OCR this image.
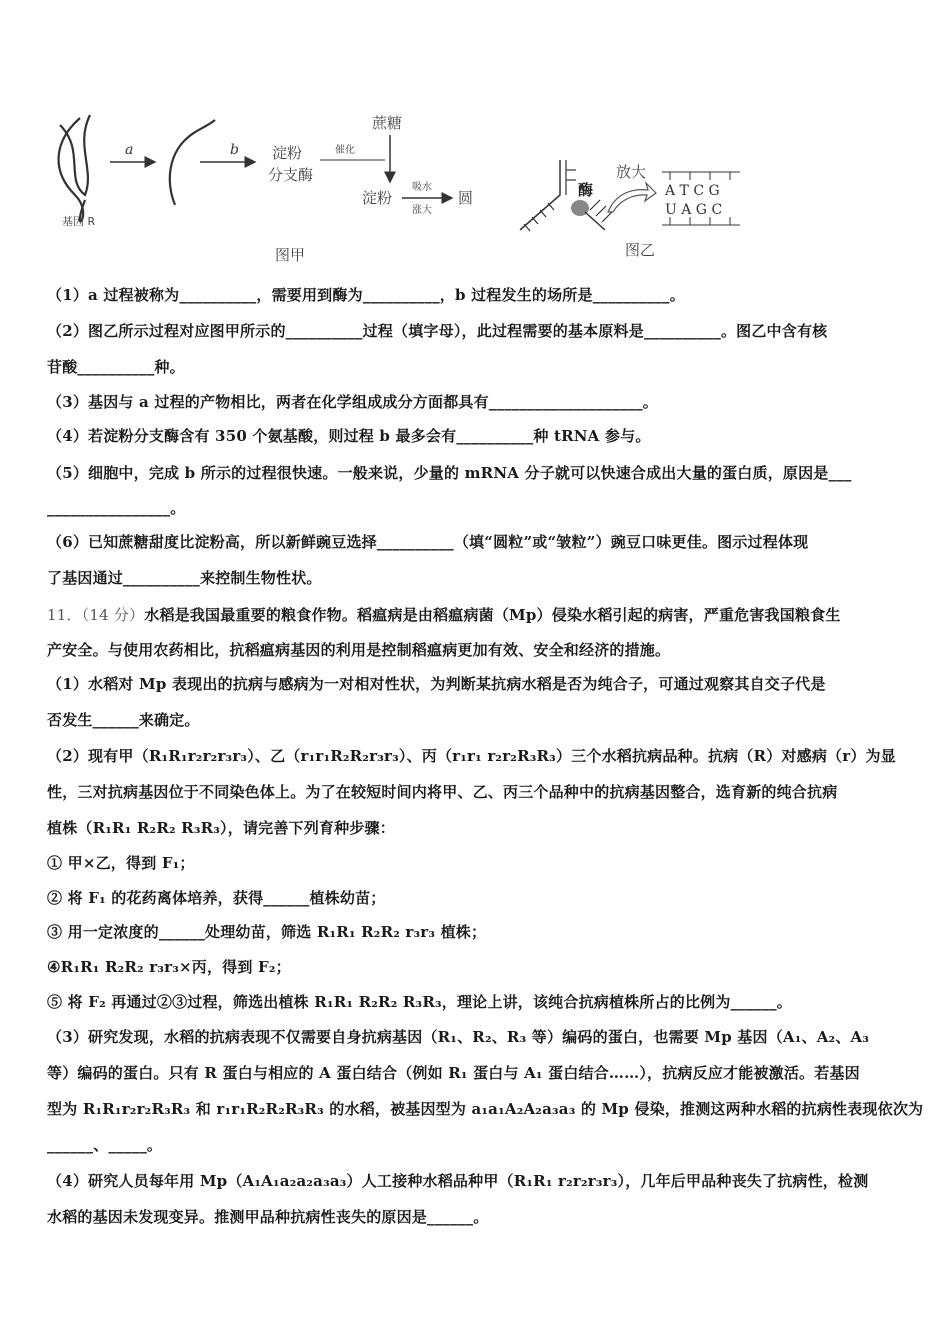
基因 R
a	b 淀粉
分支酶
蔗糖
催化
淀粉
吸水
涨大
圆
图甲
酶
放大
A T C G
U A G C
图乙
（1）a 过程被称为__________，需要用到酶为__________，b 过程发生的场所是__________。
（2）图乙所示过程对应图甲所示的__________过程（填字母），此过程需要的基本原料是__________。图乙中含有核
苷酸__________种。
（3）基因与 a 过程的产物相比，两者在化学组成成分方面都具有____________________。
（4）若淀粉分支酶含有 350 个氨基酸，则过程 b 最多会有__________种 tRNA 参与。
（5）细胞中，完成 b 所示的过程很快速。一般来说，少量的 mRNA 分子就可以快速合成出大量的蛋白质，原因是___
________________。
（6）已知蔗糖甜度比淀粉高，所以新鲜豌豆选择__________（填“圆粒”或“皱粒”）豌豆口味更佳。图示过程体现
了基因通过__________来控制生物性状。
11．（14 分）水稻是我国最重要的粮食作物。稻瘟病是由稻瘟病菌（Mp）侵染水稻引起的病害，严重危害我国粮食生
产安全。与使用农药相比，抗稻瘟病基因的利用是控制稻瘟病更加有效、安全和经济的措施。
（1）水稻对 Mp 表现出的抗病与感病为一对相对性状，为判断某抗病水稻是否为纯合子，可通过观察其自交子代是
否发生______来确定。
（2）现有甲（R₁R₁r₂r₂r₃r₃）、乙（r₁r₁R₂R₂r₃r₃）、丙（r₁r₁ r₂r₂R₃R₃）三个水稻抗病品种。抗病（R）对感病（r）为显
性，三对抗病基因位于不同染色体上。为了在较短时间内将甲、乙、丙三个品种中的抗病基因整合，选育新的纯合抗病
植株（R₁R₁ R₂R₂ R₃R₃），请完善下列育种步骤：
① 甲×乙，得到 F₁；
② 将 F₁ 的花药离体培养，获得______植株幼苗；
③ 用一定浓度的______处理幼苗，筛选 R₁R₁ R₂R₂ r₃r₃ 植株；
④R₁R₁ R₂R₂ r₃r₃×丙，得到 F₂；
⑤ 将 F₂ 再通过②③过程，筛选出植株 R₁R₁ R₂R₂ R₃R₃，理论上讲，该纯合抗病植株所占的比例为______。
（3）研究发现，水稻的抗病表现不仅需要自身抗病基因（R₁、R₂、R₃ 等）编码的蛋白，也需要 Mp 基因（A₁、A₂、A₃
等）编码的蛋白。只有 R 蛋白与相应的 A 蛋白结合（例如 R₁ 蛋白与 A₁ 蛋白结合……），抗病反应才能被激活。若基因
型为 R₁R₁r₂r₂R₃R₃ 和 r₁r₁R₂R₂R₃R₃ 的水稻，被基因型为 a₁a₁A₂A₂a₃a₃ 的 Mp 侵染，推测这两种水稻的抗病性表现依次为
______、_____。
（4）研究人员每年用 Mp（A₁A₁a₂a₂a₃a₃）人工接种水稻品种甲（R₁R₁ r₂r₂r₃r₃），几年后甲品种丧失了抗病性，检测
水稻的基因未发现变异。推测甲品种抗病性丧失的原因是______。
